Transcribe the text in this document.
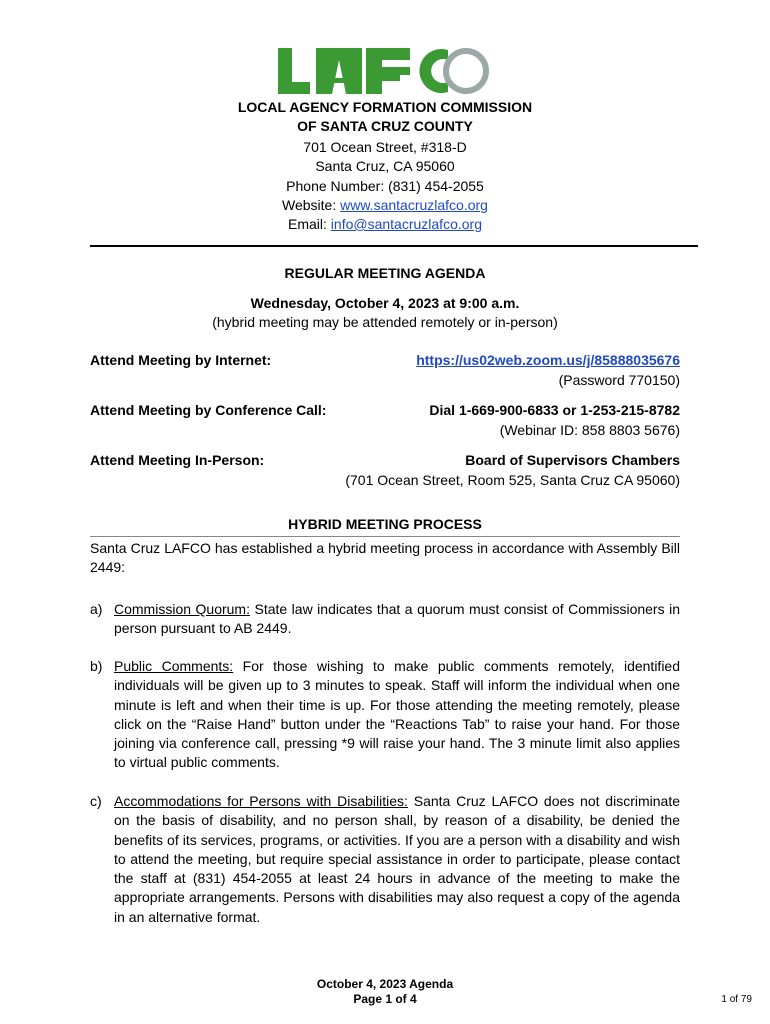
LOCAL AGENCY FORMATION COMMISSION
OF SANTA CRUZ COUNTY
701 Ocean Street, #318-D
Santa Cruz, CA 95060
Phone Number: (831) 454-2055
Website: www.santacruzlafco.org
Email: info@santacruzlafco.org
REGULAR MEETING AGENDA
Wednesday, October 4, 2023 at 9:00 a.m.
(hybrid meeting may be attended remotely or in-person)
Attend Meeting by Internet:	https://us02web.zoom.us/j/85888035676
(Password 770150)
Attend Meeting by Conference Call:	Dial 1-669-900-6833 or 1-253-215-8782
(Webinar ID: 858 8803 5676)
Attend Meeting In-Person:	Board of Supervisors Chambers
(701 Ocean Street, Room 525, Santa Cruz CA 95060)
HYBRID MEETING PROCESS
Santa Cruz LAFCO has established a hybrid meeting process in accordance with Assembly Bill 2449:
a) Commission Quorum: State law indicates that a quorum must consist of Commissioners in person pursuant to AB 2449.
b) Public Comments: For those wishing to make public comments remotely, identified individuals will be given up to 3 minutes to speak. Staff will inform the individual when one minute is left and when their time is up. For those attending the meeting remotely, please click on the “Raise Hand” button under the “Reactions Tab” to raise your hand. For those joining via conference call, pressing *9 will raise your hand. The 3 minute limit also applies to virtual public comments.
c) Accommodations for Persons with Disabilities: Santa Cruz LAFCO does not discriminate on the basis of disability, and no person shall, by reason of a disability, be denied the benefits of its services, programs, or activities. If you are a person with a disability and wish to attend the meeting, but require special assistance in order to participate, please contact the staff at (831) 454-2055 at least 24 hours in advance of the meeting to make the appropriate arrangements. Persons with disabilities may also request a copy of the agenda in an alternative format.
October 4, 2023 Agenda
Page 1 of 4	1 of 79
